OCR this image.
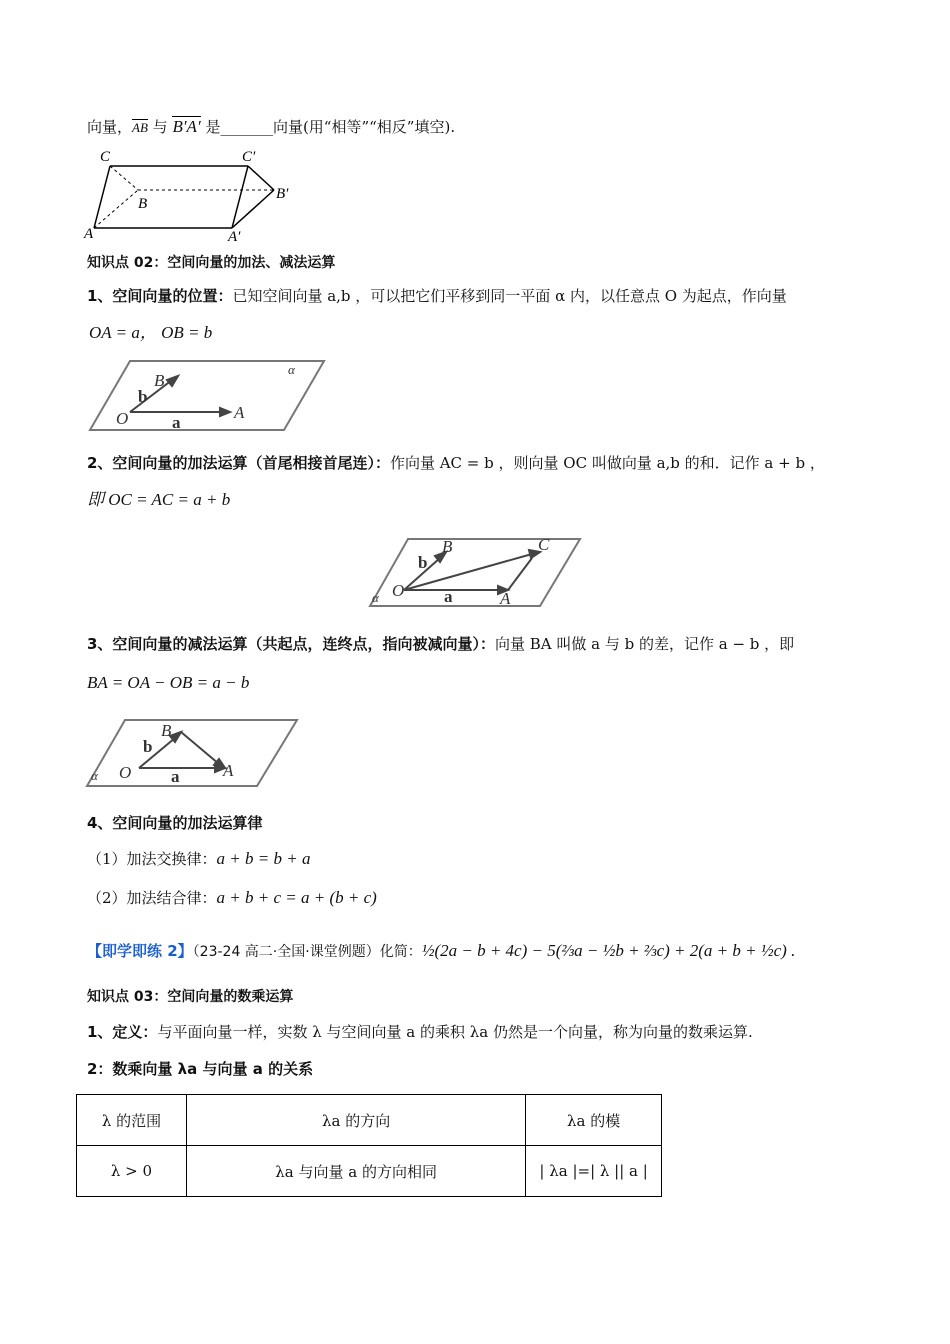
向量，AB 与 B′A′ 是_______向量(用“相等”“相反”填空).
C	C′
B
B′
A	A′
知识点 02：空间向量的加法、减法运算
1、空间向量的位置：已知空间向量 a,b ，可以把它们平移到同一平面 α 内，以任意点 O 为起点，作向量
OA = a， OB = b
α
B
b
O	a
A
2、空间向量的加法运算（首尾相接首尾连）：作向量 AC = b ，则向量 OC 叫做向量 a,b 的和．记作 a + b ，
即 OC = AC = a + b
α
B	C
b
O a	A
3、空间向量的减法运算（共起点，连终点，指向被减向量）：向量 BA 叫做 a 与 b 的差，记作 a − b ，即
BA = OA − OB = a − b
α
B
b
O a	A
4、空间向量的加法运算律
（1）加法交换律：a + b = b + a
（2）加法结合律：a + b + c = a + (b + c)
【即学即练 2】（23-24 高二·全国·课堂例题）化简：½(2a − b + 4c) − 5(⅔a − ½b + ⅔c) + 2(a + b + ½c) .
知识点 03：空间向量的数乘运算
1、定义：与平面向量一样，实数 λ 与空间向量 a 的乘积 λa 仍然是一个向量，称为向量的数乘运算.
2：数乘向量 λa 与向量 a 的关系
λ 的范围	λa 的方向	λa 的模
λ > 0	λa 与向量 a 的方向相同	| λa |=| λ || a |
